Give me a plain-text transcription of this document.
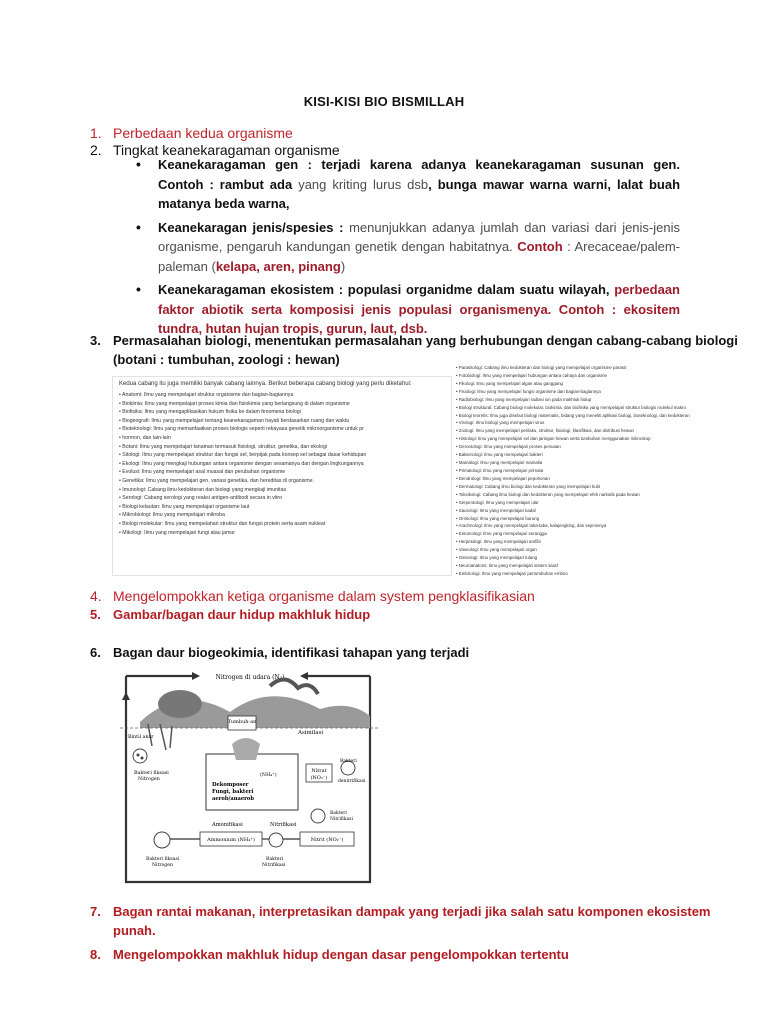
KISI-KISI BIO BISMILLAH
1. Perbedaan kedua organisme
2. Tingkat keanekaragaman organisme
• Keanekaragaman gen : terjadi karena adanya keanekaragaman susunan gen. Contoh : rambut ada yang kriting lurus dsb, bunga mawar warna warni, lalat buah matanya beda warna,
• Keanekaragan jenis/spesies : menunjukkan adanya jumlah dan variasi dari jenis-jenis organisme, pengaruh kandungan genetik dengan habitatnya. Contoh : Arecaceae/palem-paleman (kelapa, aren, pinang)
• Keanekaragaman ekosistem : populasi organidme dalam suatu wilayah, perbedaan faktor abiotik serta komposisi jenis populasi organismenya. Contoh : ekositem tundra, hutan hujan tropis, gurun, laut, dsb.
3. Permasalahan biologi, menentukan permasalahan yang berhubungan dengan cabang-cabang biologi
(botani : tumbuhan, zoologi : hewan)
Kedua cabang itu juga memiliki banyak cabang lainnya. Berikut beberapa cabang biologi yang perlu diketahui:
• Anatomi: Ilmu yang mempelajari struktur organisme dan bagian-bagiannya
• Biokimia: Ilmu yang mempelajari proses kimia dan fisiokimia yang berlangsung di dalam organisme
• Biofisika: Ilmu yang mengaplikasikan hukum fisika ke dalam fenomena biologi
• Biogeografi: Ilmu yang mempelajari tentang keanekaragaman hayati berdasarkan ruang dan waktu
• Bioteknologi: Ilmu yang memanfaatkan proses biologis seperti rekayasa genetik mikroorganisme untuk pr
• hormon, dan lain-lain
• Botani: Ilmu yang mempelajari tanaman termasuk fisiologi, struktur, genetika, dan ekologi
• Sitologi: Ilmu yang mempelajari struktur dan fungsi sel, berpijak pada konsep sel sebagai dasar kehidupan
• Ekologi: Ilmu yang mengkaji hubungan antara organisme dengan sesamanya dan dengan lingkungannya
• Evolusi: Ilmu yang mempelajari asal muasal dan perubahan organisme
• Genetika: Ilmu yang mempelajari gen, variasi genetika, dan hereditas di organisme.
• Imunologi: Cabang ilmu kedokteran dan biologi yang mengkaji imunitas
• Serologi: Cabang serologi yang reaksi antigen-antibodi secara in vitro
• Biologi kelautan: Ilmu yang mempelajari organisme laut
• Mikrobiologi: Ilmu yang mempelajari mikroba
• Biologi molekular: Ilmu yang mempelahari struktur dan fungsi protein serta asam nukleat
• Mikologi: Ilmu yang mempelajari fungi atau jamur
• Parasitologi: Cabang ilmu kedokteran dan biologi yang mempelajari organisme parasit
• Fotobiologi: Ilmu yang mempelajari hubungan antara cahaya dan organisme
• Fikologi: Ilmu yang mempelajari algae atau ganggang
• Fisiologi: Ilmu yang mempelajari fungsi organisme dan bagian-bagiannya
• Radiobiologi: Ilmu yang mempelajari radiasi ion pada makhluk hidup
• Biologi struktural: Cabang biologi molekular, biokimia, dan biofisika yang mempelajari struktur biologis molekul makro
• Biologi teoretis: Ilmu juga disebut biologi matematis, bidang yang meneliti aplikasi biologi, bioteknologi, dan kedokteran
• Virologi: Ilmu biologi yang mempelajari virus
• Zoologi: Ilmu yang mempelajari perilaku, struktur, fisiologi, klasifikasi, dan distribusi hewan
• Histologi: Ilmu yang mempelajari sel dan jaringan hewan serta tumbuhan menggunakan mikroskop
• Gerontologi: Ilmu yang mempelajari proses penuaan
• Bakteriologi: Ilmu yang mempelajari bakteri
• Mamalogi: Ilmu yang mempelajari mamalia
• Primatologi: Ilmu yang mempelajari primata
• Dendrologi: Ilmu yang mempelajari pepohonan
• Dermatologi: Cabang ilmu biologi dan kedokteran yang mempelajari kulit
• Toksikologi: Cabang ilmu biologi dan kedokteran yang mempelajari efek narkotik pada hewan
• Serpentologi: Ilmu yang mempelajari ular
• Saurologi: Ilmu yang mempelajari kadal
• Ornitologi: Ilmu yang mempelajari burung
• Arachnologi: Ilmu yang mempelajari laba-laba, kalajengking, dan sejenisnya
• Entomologi: Ilmu yang mempelajari serangga
• Herpetologi: Ilmu yang mempelajari amfibi
• Vaxeologi: Ilmu yang mempelajari organ
• Osteologi: Ilmu yang mempelajari tulang
• Neuroanatomi: Ilmu yang mempelajari sistem saraf
• Embriologi: Ilmu yang mempelajari pertumbuhan embrio
4. Mengelompokkan ketiga organisme dalam system pengklasifikasian
5. Gambar/bagan daur hidup makhluk hidup
6. Bagan daur biogeokimia, identifikasi tahapan yang terjadi
Nitrogen di udara (N₂)
Tumbuh-an
Asimilasi
Bintil akar
Bakteri fiksasi
Nitrogen
(NH₄⁺)
Dekomposer
Fungi, bakteri
aerob/anaerob
Nitrat
(NO₃⁻)
Bakteri
denitrifikasi
Bakteri
Nitrifikasi
Amonifikasi	Nitrifikasi
Ammonium (NH₄⁺)	Nitrit (NO₂⁻)
Bakteri fiksasi
Nitrogen
Bakteri
Nitrifikasi
7. Bagan rantai makanan, interpretasikan dampak yang terjadi jika salah satu komponen ekosistem
punah.
8. Mengelompokkan makhluk hidup dengan dasar pengelompokkan tertentu
